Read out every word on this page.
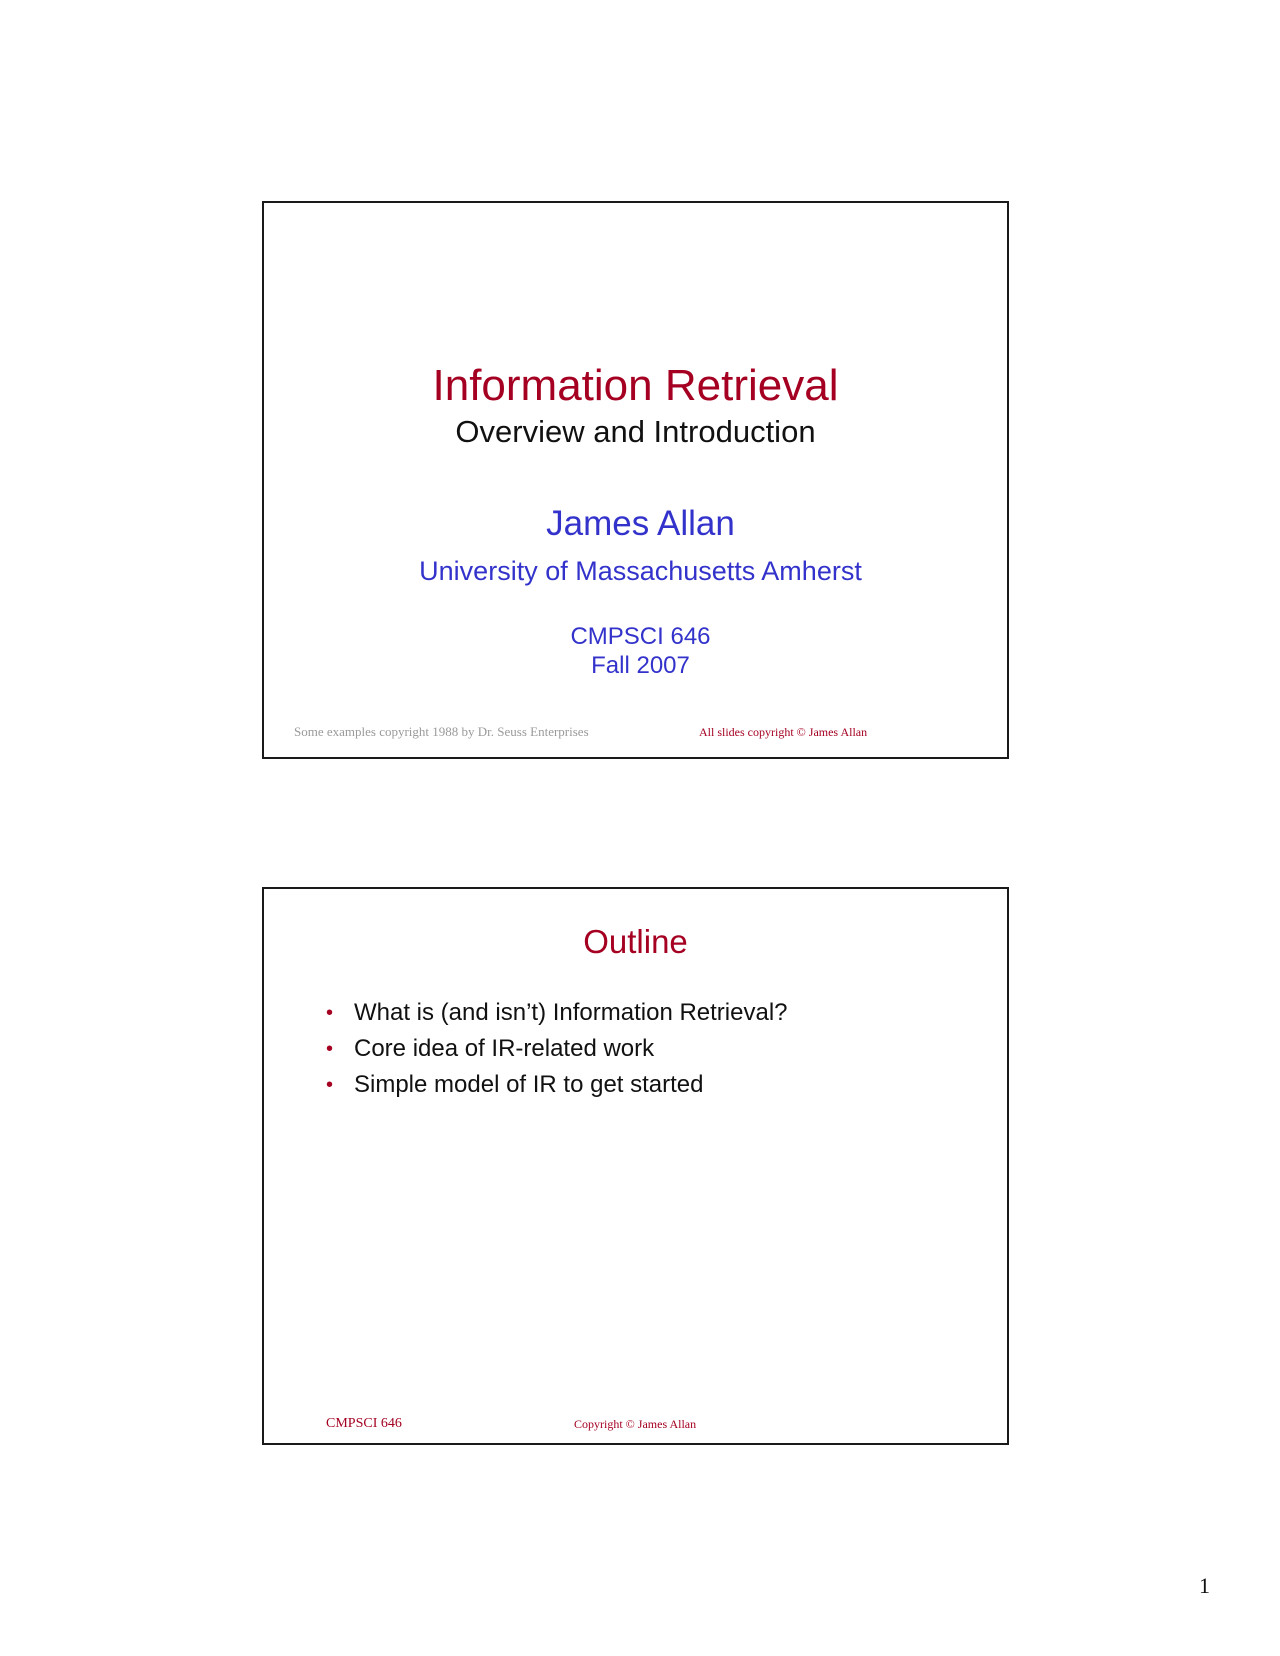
Information Retrieval
Overview and Introduction
James Allan
University of Massachusetts Amherst
CMPSCI 646
Fall 2007
Some examples copyright 1988 by Dr. Seuss Enterprises	All slides copyright © James Allan
Outline
• What is (and isn’t) Information Retrieval?
• Core idea of IR-related work
• Simple model of IR to get started
CMPSCI 646	Copyright © James Allan
1
